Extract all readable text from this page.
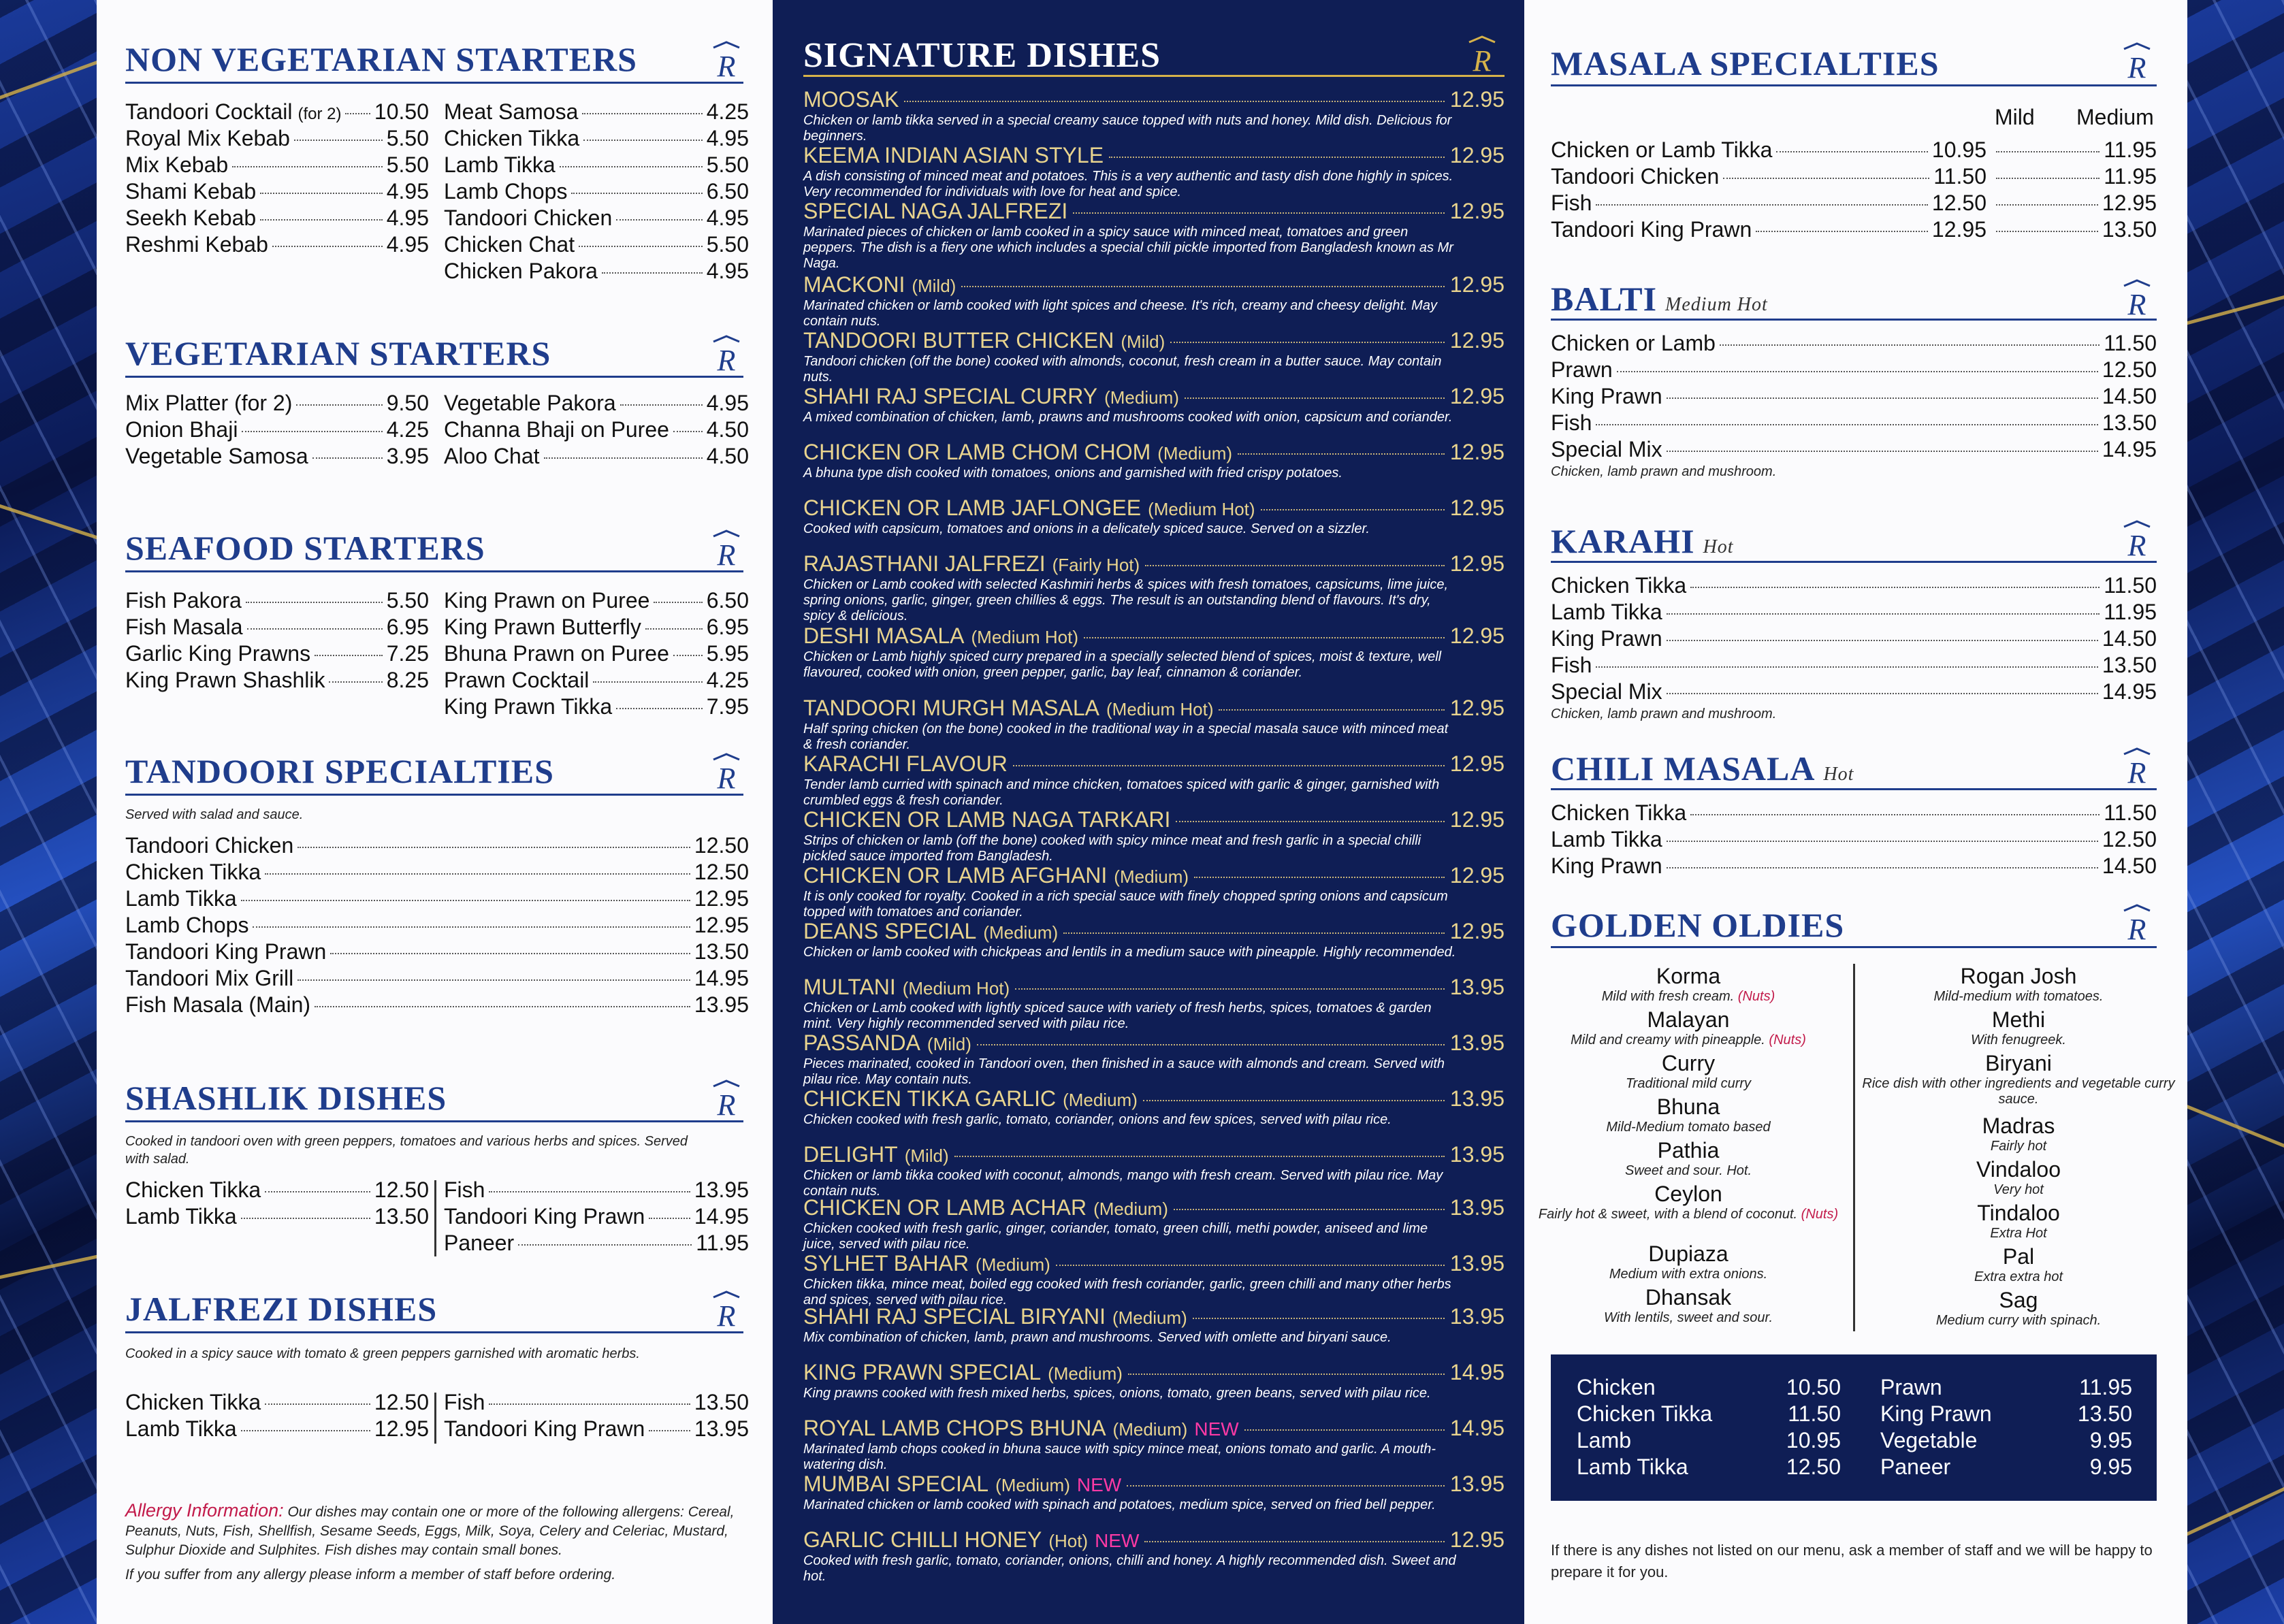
NON VEGETARIAN STARTERS	R
VEGETARIAN STARTERS	R
SEAFOOD STARTERS	R
TANDOORI SPECIALTIES	R
Served with salad and sauce.
SHASHLIK DISHES	R
Cooked in tandoori oven with green peppers, tomatoes and various herbs and spices. Served with salad.
JALFREZI DISHES	R
Cooked in a spicy sauce with tomato & green peppers garnished with aromatic herbs.
Allergy Information: Our dishes may contain one or more of the following allergens: Cereal, Peanuts, Nuts, Fish, Shellfish, Sesame Seeds, Eggs, Milk, Soya, Celery and Celeriac, Mustard, Sulphur Dioxide and Sulphites. Fish dishes may contain small bones.

If you suffer from any allergy please inform a member of staff before ordering.
SIGNATURE DISHES	R MASALA SPECIALTIES	R
Mild Medium
BALTI Medium Hot	R
Chicken, lamb prawn and mushroom.
KARAHI Hot	R
Chicken, lamb prawn and mushroom.
CHILI MASALA Hot	R
GOLDEN OLDIES	R
If there is any dishes not listed on our menu, ask a member of staff and we will be happy to prepare it for you.
Tandoori Cocktail (for 2) 10.50
Royal Mix Kebab	5.50
Mix Kebab	5.50
Shami Kebab	4.95
Seekh Kebab	4.95
Reshmi Kebab	4.95
Meat Samosa	4.25
Chicken Tikka	4.95
Lamb Tikka	5.50
Lamb Chops	6.50
Tandoori Chicken	4.95
Chicken Chat	5.50
Chicken Pakora	4.95
Mix Platter (for 2)	9.50
Onion Bhaji	4.25
Vegetable Samosa	3.95
Vegetable Pakora	4.95
Channa Bhaji on Puree 4.50
Aloo Chat	4.50
Fish Pakora	5.50
Fish Masala	6.95
Garlic King Prawns	7.25
King Prawn Shashlik	8.25
King Prawn on Puree	6.50
King Prawn Butterfly	6.95
Bhuna Prawn on Puree 5.95
Prawn Cocktail	4.25
King Prawn Tikka	7.95
Tandoori Chicken	12.50
Chicken Tikka	12.50
Lamb Tikka	12.95
Lamb Chops	12.95
Tandoori King Prawn	13.50
Tandoori Mix Grill	14.95
Fish Masala (Main)	13.95
Chicken Tikka	12.50
Lamb Tikka	13.50
Fish	13.95
Tandoori King Prawn 14.95
Paneer	11.95
Chicken Tikka	12.50
Lamb Tikka	12.95
Fish	13.50
Tandoori King Prawn 13.95
MOOSAK	12.95
Chicken or lamb tikka served in a special creamy sauce topped with nuts and honey. Mild dish. Delicious for beginners.
KEEMA INDIAN ASIAN STYLE	12.95
A dish consisting of minced meat and potatoes. This is a very authentic and tasty dish done highly in spices. Very recommended for individuals with love for heat and spice.
SPECIAL NAGA JALFREZI	12.95
Marinated pieces of chicken or lamb cooked in a spicy sauce with minced meat, tomatoes and green peppers. The dish is a fiery one which includes a special chili pickle imported from Bangladesh known as Mr Naga.
MACKONI (Mild)	12.95
Marinated chicken or lamb cooked with light spices and cheese. It's rich, creamy and cheesy delight. May contain nuts.
TANDOORI BUTTER CHICKEN (Mild)	12.95
Tandoori chicken (off the bone) cooked with almonds, coconut, fresh cream in a butter sauce. May contain nuts.
SHAHI RAJ SPECIAL CURRY (Medium)	12.95
A mixed combination of chicken, lamb, prawns and mushrooms cooked with onion, capsicum and coriander.
CHICKEN OR LAMB CHOM CHOM (Medium)	12.95
A bhuna type dish cooked with tomatoes, onions and garnished with fried crispy potatoes.
CHICKEN OR LAMB JAFLONGEE (Medium Hot)	12.95
Cooked with capsicum, tomatoes and onions in a delicately spiced sauce. Served on a sizzler.
RAJASTHANI JALFREZI (Fairly Hot)	12.95
Chicken or Lamb cooked with selected Kashmiri herbs & spices with fresh tomatoes, capsicums, lime juice, spring onions, garlic, ginger, green chillies & eggs. The result is an outstanding blend of flavours. It's dry, spicy & delicious.
DESHI MASALA (Medium Hot)	12.95
Chicken or Lamb highly spiced curry prepared in a specially selected blend of spices, moist & texture, well flavoured, cooked with onion, green pepper, garlic, bay leaf, cinnamon & coriander.
TANDOORI MURGH MASALA (Medium Hot)	12.95
Half spring chicken (on the bone) cooked in the traditional way in a special masala sauce with minced meat & fresh coriander.
KARACHI FLAVOUR	12.95
Tender lamb curried with spinach and mince chicken, tomatoes spiced with garlic & ginger, garnished with crumbled eggs & fresh coriander.
CHICKEN OR LAMB NAGA TARKARI	12.95
Strips of chicken or lamb (off the bone) cooked with spicy mince meat and fresh garlic in a special chilli pickled sauce imported from Bangladesh.
CHICKEN OR LAMB AFGHANI (Medium)	12.95
It is only cooked for royalty. Cooked in a rich special sauce with finely chopped spring onions and capsicum topped with tomatoes and coriander.
DEANS SPECIAL (Medium)	12.95
Chicken or lamb cooked with chickpeas and lentils in a medium sauce with pineapple. Highly recommended.
MULTANI (Medium Hot)	13.95
Chicken or Lamb cooked with lightly spiced sauce with variety of fresh herbs, spices, tomatoes & garden mint. Very highly recommended served with pilau rice.
PASSANDA (Mild)	13.95
Pieces marinated, cooked in Tandoori oven, then finished in a sauce with almonds and cream. Served with pilau rice. May contain nuts.
CHICKEN TIKKA GARLIC (Medium)	13.95
Chicken cooked with fresh garlic, tomato, coriander, onions and few spices, served with pilau rice.
DELIGHT (Mild)	13.95
Chicken or lamb tikka cooked with coconut, almonds, mango with fresh cream. Served with pilau rice. May contain nuts.
CHICKEN OR LAMB ACHAR (Medium)	13.95
Chicken cooked with fresh garlic, ginger, coriander, tomato, green chilli, methi powder, aniseed and lime juice, served with pilau rice.
SYLHET BAHAR (Medium)	13.95
Chicken tikka, mince meat, boiled egg cooked with fresh coriander, garlic, green chilli and many other herbs and spices, served with pilau rice.
SHAHI RAJ SPECIAL BIRYANI (Medium)	13.95
Mix combination of chicken, lamb, prawn and mushrooms. Served with omlette and biryani sauce.
KING PRAWN SPECIAL (Medium)	14.95
King prawns cooked with fresh mixed herbs, spices, onions, tomato, green beans, served with pilau rice.
ROYAL LAMB CHOPS BHUNA (Medium) NEW	14.95
Marinated lamb chops cooked in bhuna sauce with spicy mince meat, onions tomato and garlic. A mouth-watering dish.
MUMBAI SPECIAL (Medium) NEW	13.95
Marinated chicken or lamb cooked with spinach and potatoes, medium spice, served on fried bell pepper.
GARLIC CHILLI HONEY (Hot) NEW	12.95
Cooked with fresh garlic, tomato, coriander, onions, chilli and honey. A highly recommended dish. Sweet and hot.
Chicken or Lamb Tikka	10.95	11.95
Tandoori Chicken	11.50	11.95
Fish	12.50	12.95
Tandoori King Prawn	12.95	13.50
Chicken or Lamb	11.50
Prawn	12.50
King Prawn	14.50
Fish	13.50
Special Mix	14.95
Chicken Tikka	11.50
Lamb Tikka	11.95
King Prawn	14.50
Fish	13.50
Special Mix	14.95
Chicken Tikka	11.50
Lamb Tikka	12.50
King Prawn	14.50
Korma
Mild with fresh cream. (Nuts)
Malayan
Mild and creamy with pineapple. (Nuts)
Curry
Traditional mild curry
Bhuna
Mild-Medium tomato based
Pathia
Sweet and sour. Hot.
Ceylon
Fairly hot & sweet, with a blend of coconut. (Nuts)
Dupiaza
Medium with extra onions.
Dhansak
With lentils, sweet and sour.
Rogan Josh
Mild-medium with tomatoes.
Methi
With fenugreek.
Biryani
Rice dish with other ingredients and vegetable curry sauce.
Madras
Fairly hot
Vindaloo
Very hot
Tindaloo
Extra Hot
Pal
Extra extra hot
Sag
Medium curry with spinach.
Chicken	10.50
Chicken Tikka	11.50
Lamb	10.95
Lamb Tikka	12.50
Prawn	11.95
King Prawn	13.50
Vegetable	9.95
Paneer	9.95
